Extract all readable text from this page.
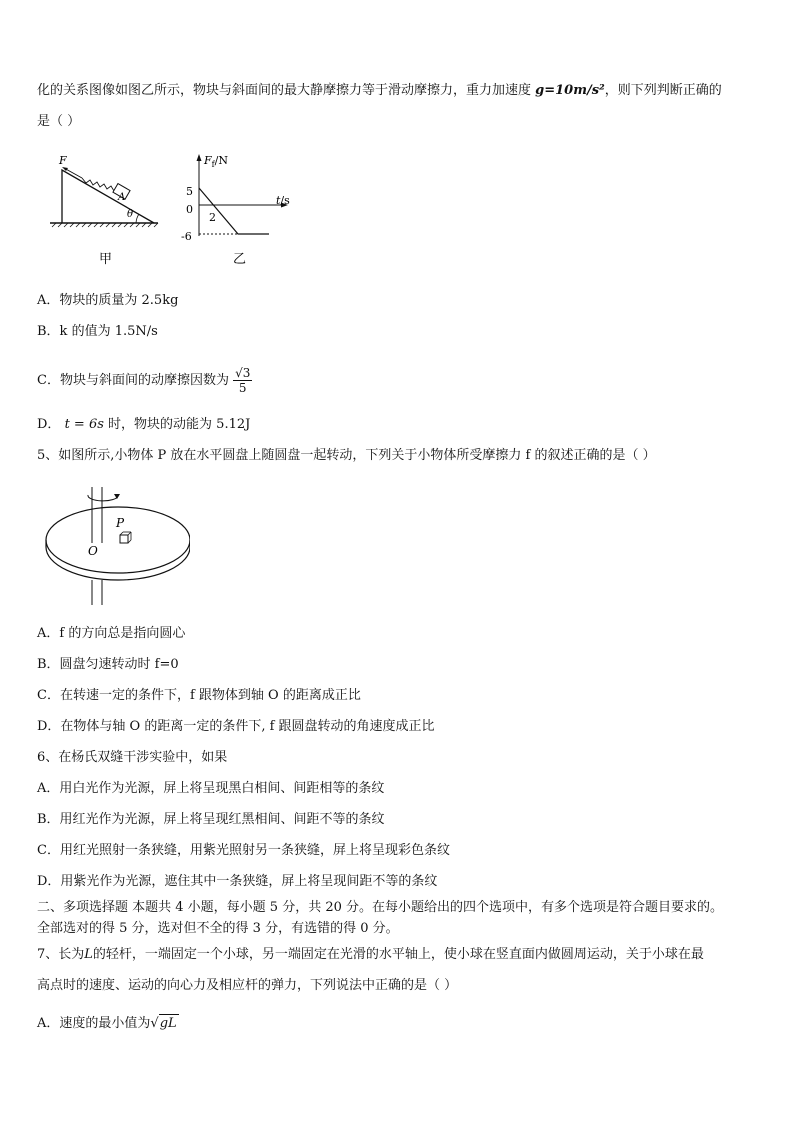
化的关系图像如图乙所示，物块与斜面间的最大静摩擦力等于滑动摩擦力，重力加速度 g=10m/s²，则下列判断正确的
是（ ）
F
A
θ
甲
$F_f/N$
t/s
5
0
-6
2
乙
A．物块的质量为 2.5kg
B．k 的值为 1.5N/s
C．物块与斜面间的动摩擦因数为 $\frac{√3}{5}$
D． t = 6s 时，物块的动能为 5.12J
5、如图所示,小物体 P 放在水平圆盘上随圆盘一起转动，下列关于小物体所受摩擦力 f 的叙述正确的是（ ）
P
O
A．f 的方向总是指向圆心
B．圆盘匀速转动时 f=0
C．在转速一定的条件下，f 跟物体到轴 O 的距离成正比
D．在物体与轴 O 的距离一定的条件下, f 跟圆盘转动的角速度成正比
6、在杨氏双缝干涉实验中，如果
A．用白光作为光源，屏上将呈现黑白相间、间距相等的条纹
B．用红光作为光源，屏上将呈现红黑相间、间距不等的条纹
C．用红光照射一条狭缝，用紫光照射另一条狭缝，屏上将呈现彩色条纹
D．用紫光作为光源，遮住其中一条狭缝，屏上将呈现间距不等的条纹
二、多项选择题 本题共 4 小题，每小题 5 分，共 20 分。在每小题给出的四个选项中，有多个选项是符合题目要求的。
全部选对的得 5 分，选对但不全的得 3 分，有选错的得 0 分。
7、长为L的轻杆，一端固定一个小球，另一端固定在光滑的水平轴上，使小球在竖直面内做圆周运动，关于小球在最
高点时的速度、运动的向心力及相应杆的弹力，下列说法中正确的是（ ）
A．速度的最小值为√gL
